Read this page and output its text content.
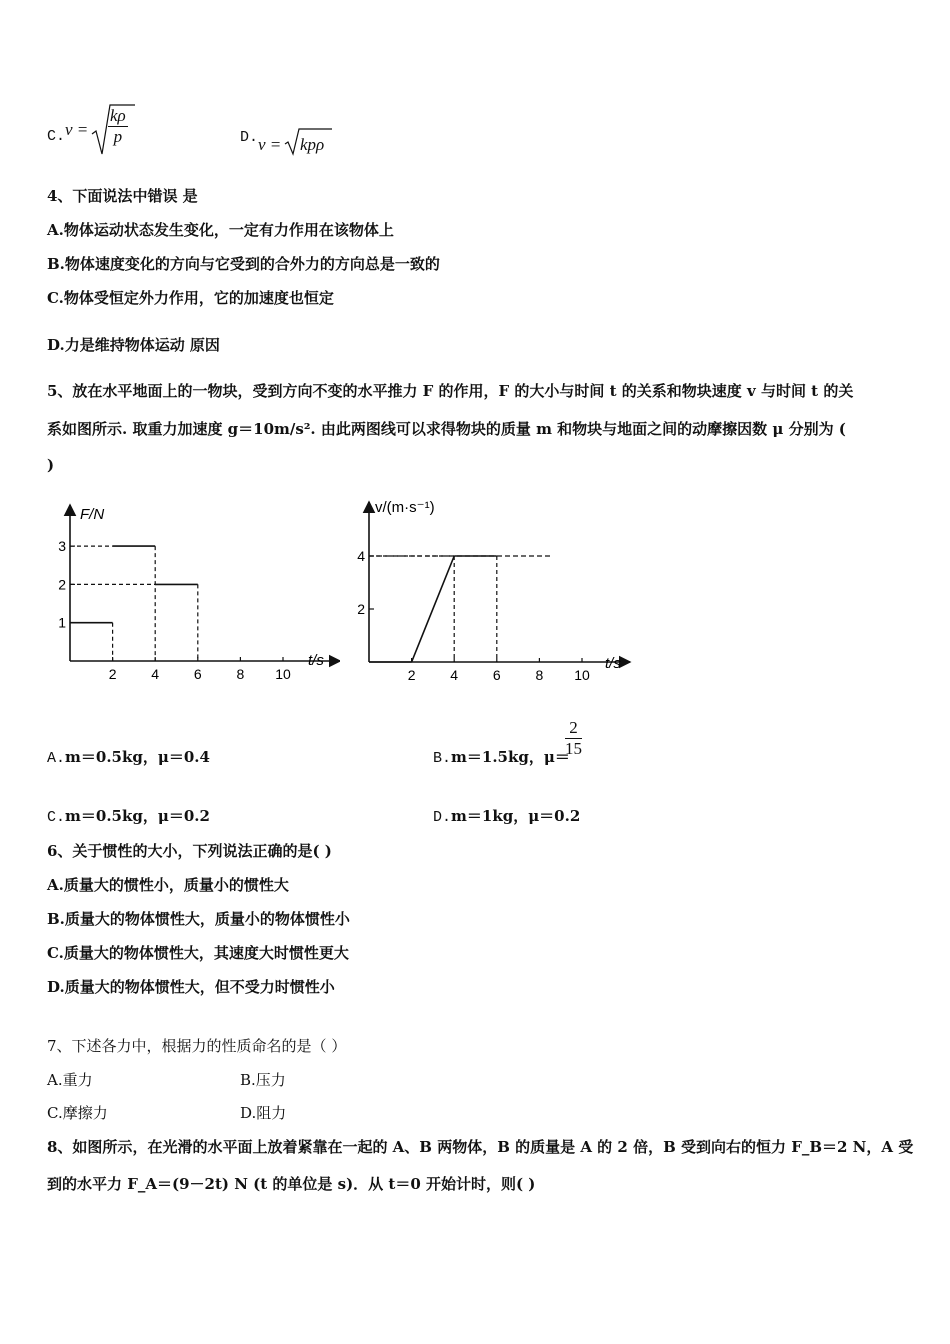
C. $v = \frac{k\rho}{p}$	D. v = kpρ
4、下面说法中错误 是
A.物体运动状态发生变化，一定有力作用在该物体上
B.物体速度变化的方向与它受到的合外力的方向总是一致的
C.物体受恒定外力作用，它的加速度也恒定
D.力是维持物体运动 原因
5、放在水平地面上的一物块，受到方向不变的水平推力 F 的作用，F 的大小与时间 t 的关系和物块速度 v 与时间 t 的关
系如图所示. 取重力加速度 g＝10m/s². 由此两图线可以求得物块的质量 m 和物块与地面之间的动摩擦因数 μ 分别为 (
)
F/N
t/s
2 4 6 8 10
1
2
3
v/(m·s⁻¹)
t/s
2 4 6 8 10
2
4
A.m＝0.5kg，μ＝0.4	B.m＝1.5kg，μ＝
$\frac{2}{15}$
C.m＝0.5kg，μ＝0.2	D.m＝1kg，μ＝0.2
6、关于惯性的大小，下列说法正确的是( )
A.质量大的惯性小，质量小的惯性大
B.质量大的物体惯性大，质量小的物体惯性小
C.质量大的物体惯性大，其速度大时惯性更大
D.质量大的物体惯性大，但不受力时惯性小
7、下述各力中，根据力的性质命名的是（ ）
A.重力	B.压力
C.摩擦力	D.阻力
8、如图所示，在光滑的水平面上放着紧靠在一起的 A、B 两物体，B 的质量是 A 的 2 倍，B 受到向右的恒力 F_B＝2 N，A 受
到的水平力 F_A＝(9－2t) N (t 的单位是 s)．从 t＝0 开始计时，则( )
